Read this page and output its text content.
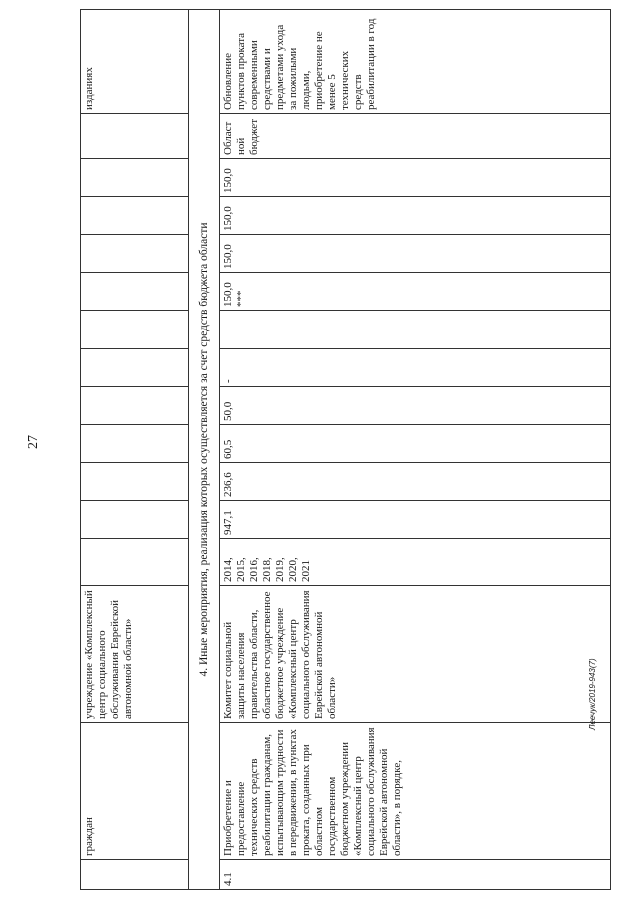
27
	граждан	учреждение «Комплексный центр социального обслуживания Еврейской автономной области»													изданиях
4. Иные мероприятия, реализация которых осуществляется за счет средств бюджета области															
4.1	Приобретение и предоставление технических средств реабилитации гражданам, испытывающим трудности в передвижении, в пунктах проката, созданных при областном государственном бюджетном учреждении «Комплексный центр социального обслуживания Еврейской автономной области», в порядке,	Комитет социальной защиты населения правительства области, областное государственное бюджетное учреждение «Комплексный центр социального обслуживания Еврейской автономной области»	2014, 2015, 2016, 2018, 2019, 2020, 2021	947,1	236,6	60,5	50,0	-		150,0 ***	150,0	150,0	150,0	Областной бюджет	Обновление пунктов проката современными средствами и предметами ухода за пожилыми людьми, приобретение не менее 5 технических средств реабилитации в год
Леечук/2019-943(7)
